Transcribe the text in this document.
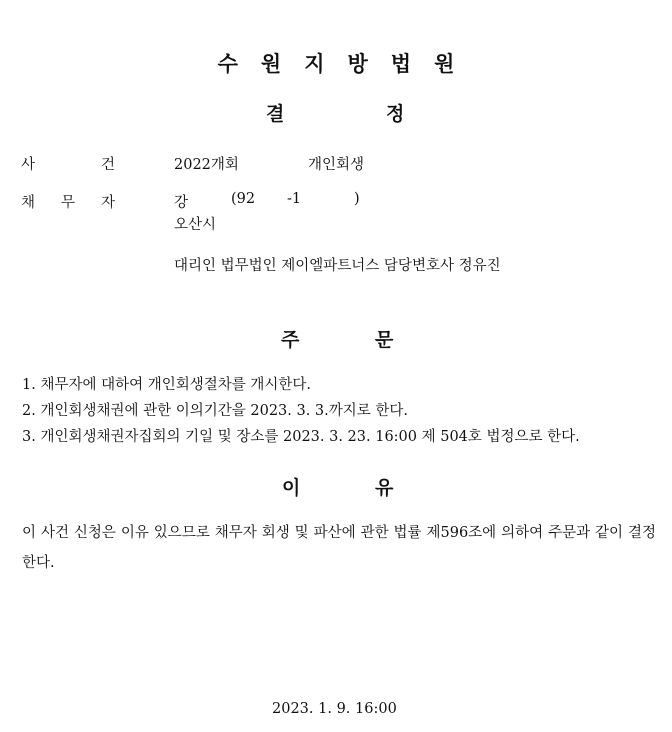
수원지방법원
결	정
사	건	2022개회	개인회생
채 무 자	강	(92 -1	)
오산시
대리인 법무법인 제이엘파트너스 담당변호사 정유진
주	문
1. 채무자에 대하여 개인회생절차를 개시한다.
2. 개인회생채권에 관한 이의기간을 2023. 3. 3.까지로 한다.
3. 개인회생채권자집회의 기일 및 장소를 2023. 3. 23. 16:00 제 504호 법정으로 한다.
이	유
이 사건 신청은 이유 있으므로 채무자 회생 및 파산에 관한 법률 제596조에 의하여 주문과 같이 결정한다.
2023. 1. 9. 16:00
